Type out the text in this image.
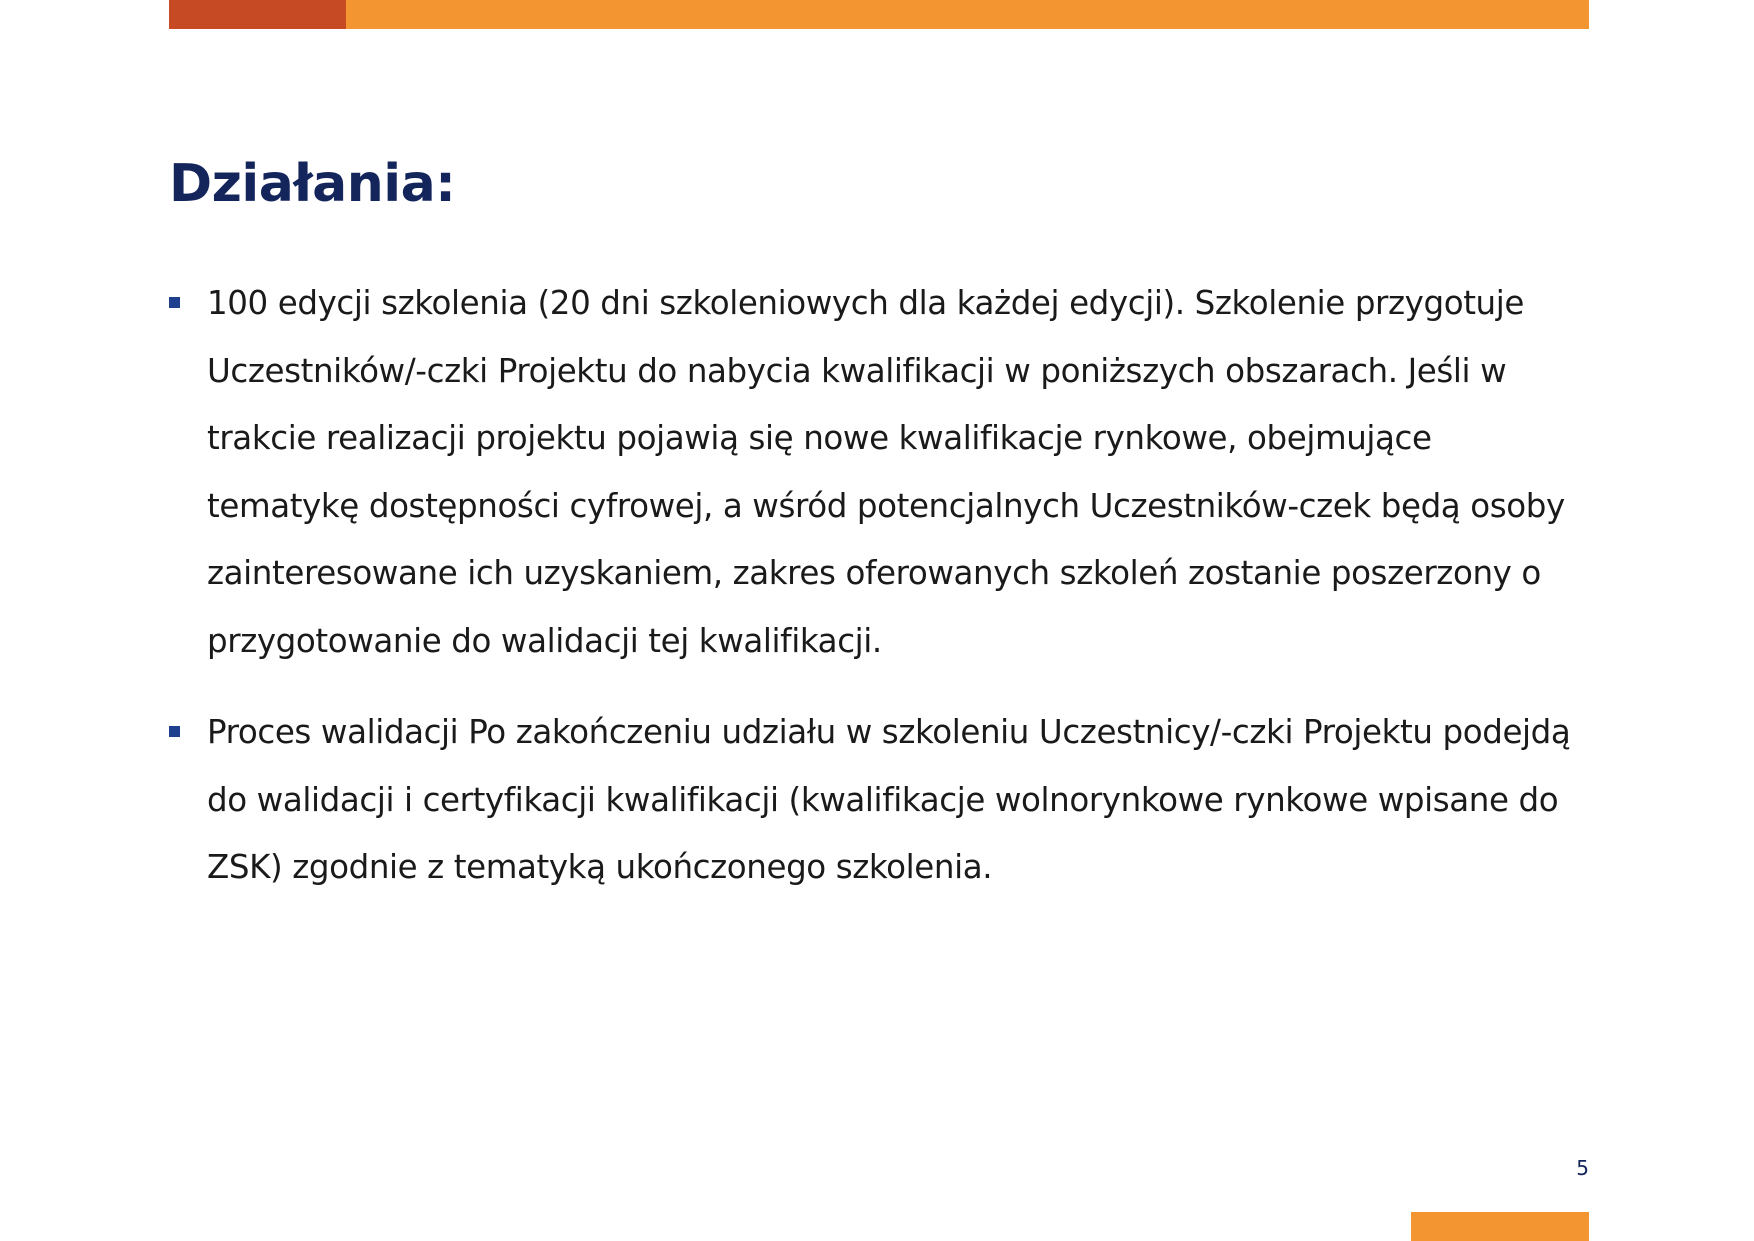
Działania:
100 edycji szkolenia (20 dni szkoleniowych dla każdej edycji). Szkolenie przygotuje Uczestników/-czki Projektu do nabycia kwalifikacji w poniższych obszarach. Jeśli w trakcie realizacji projektu pojawią się nowe kwalifikacje rynkowe, obejmujące tematykę dostępności cyfrowej, a wśród potencjalnych Uczestników-czek będą osoby zainteresowane ich uzyskaniem, zakres oferowanych szkoleń zostanie poszerzony o przygotowanie do walidacji tej kwalifikacji.
Proces walidacji Po zakończeniu udziału w szkoleniu Uczestnicy/-czki Projektu podejdą do walidacji i certyfikacji kwalifikacji (kwalifikacje wolnorynkowe rynkowe wpisane do ZSK) zgodnie z tematyką ukończonego szkolenia.
5
